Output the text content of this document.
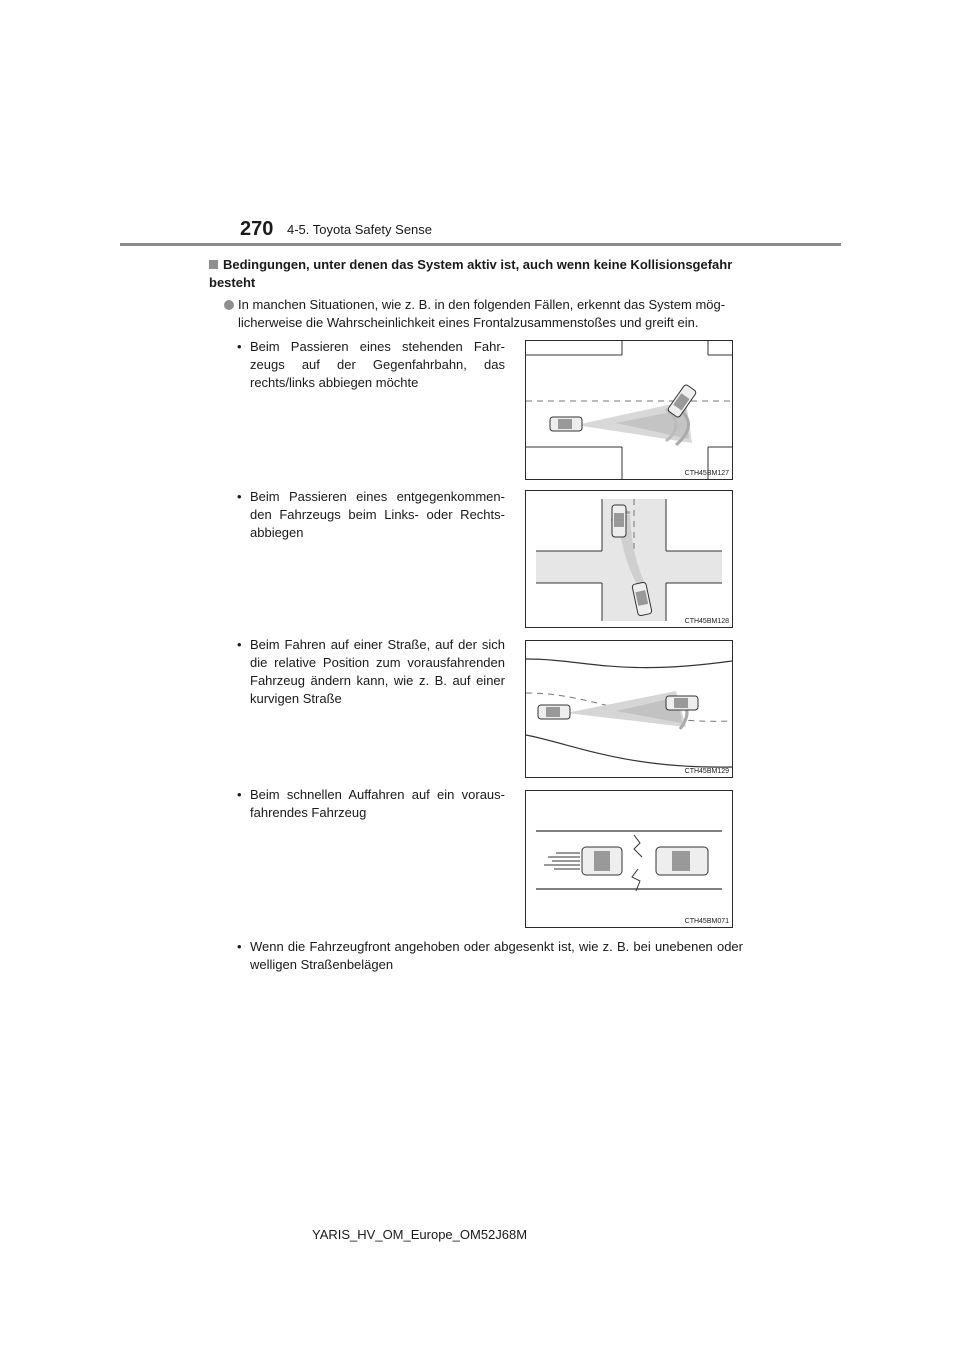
270 4-5. Toyota Safety Sense
Bedingungen, unter denen das System aktiv ist, auch wenn keine Kollisionsgefahr besteht
In manchen Situationen, wie z. B. in den folgenden Fällen, erkennt das System mög-
licherweise die Wahrscheinlichkeit eines Frontalzusammenstoßes und greift ein.
• Beim Passieren eines stehenden Fahrzeugs auf der Gegenfahrbahn, das rechts/links abbiegen möchte
CTH45BM127
• Beim Passieren eines entgegenkommenden Fahrzeugs beim Links- oder Rechtsabbiegen
CTH45BM128
• Beim Fahren auf einer Straße, auf der sich die relative Position zum vorausfahrenden Fahrzeug ändern kann, wie z. B. auf einer kurvigen Straße
CTH45BM129
• Beim schnellen Auffahren auf ein vorausfahrendes Fahrzeug
CTH45BM071
• Wenn die Fahrzeugfront angehoben oder abgesenkt ist, wie z. B. bei unebenen oder welligen Straßenbelägen
YARIS_HV_OM_Europe_OM52J68M
